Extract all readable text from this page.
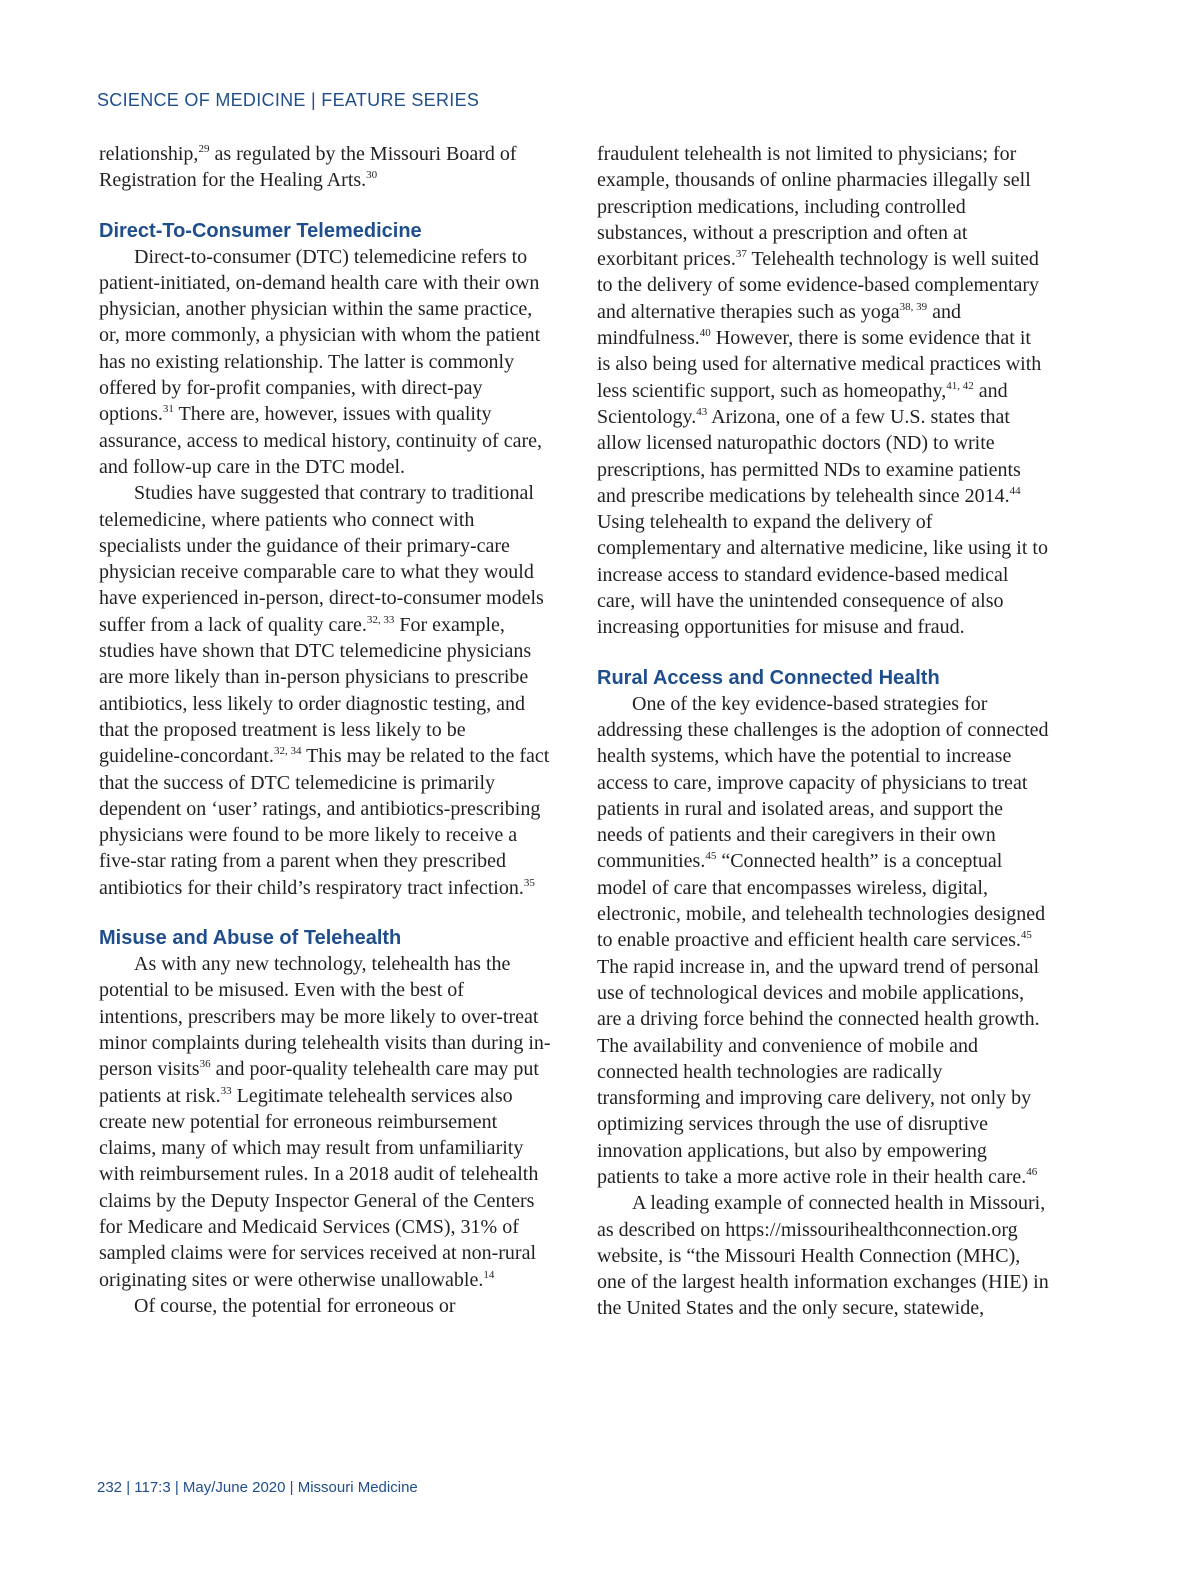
SCIENCE OF MEDICINE | FEATURE SERIES

relationship,$^{29}$ as regulated by the Missouri Board of Registration for the Healing Arts.$^{30}$

Direct-To-Consumer Telemedicine

Direct-to-consumer (DTC) telemedicine refers to patient-initiated, on-demand health care with their own physician, another physician within the same practice, or, more commonly, a physician with whom the patient has no existing relationship. The latter is commonly offered by for-profit companies, with direct-pay options.$^{31}$ There are, however, issues with quality assurance, access to medical history, continuity of care, and follow-up care in the DTC model.

Studies have suggested that contrary to traditional telemedicine, where patients who connect with specialists under the guidance of their primary-care physician receive comparable care to what they would have experienced in-person, direct-to-consumer models suffer from a lack of quality care.$^{32, 33}$ For example, studies have shown that DTC telemedicine physicians are more likely than in-person physicians to prescribe antibiotics, less likely to order diagnostic testing, and that the proposed treatment is less likely to be guideline-concordant.$^{32, 34}$ This may be related to the fact that the success of DTC telemedicine is primarily dependent on ‘user’ ratings, and antibiotics-prescribing physicians were found to be more likely to receive a five-star rating from a parent when they prescribed antibiotics for their child’s respiratory tract infection.$^{35}$

Misuse and Abuse of Telehealth

As with any new technology, telehealth has the potential to be misused. Even with the best of intentions, prescribers may be more likely to over-treat minor complaints during telehealth visits than during in-person visits$^{36}$ and poor-quality telehealth care may put patients at risk.$^{33}$ Legitimate telehealth services also create new potential for erroneous reimbursement claims, many of which may result from unfamiliarity with reimbursement rules. In a 2018 audit of telehealth claims by the Deputy Inspector General of the Centers for Medicare and Medicaid Services (CMS), 31% of sampled claims were for services received at non-rural originating sites or were otherwise unallowable.$^{14}$

Of course, the potential for erroneous or

fraudulent telehealth is not limited to physicians; for example, thousands of online pharmacies illegally sell prescription medications, including controlled substances, without a prescription and often at exorbitant prices.$^{37}$ Telehealth technology is well suited to the delivery of some evidence-based complementary and alternative therapies such as yoga$^{38, 39}$ and mindfulness.$^{40}$ However, there is some evidence that it is also being used for alternative medical practices with less scientific support, such as homeopathy,$^{41, 42}$ and Scientology.$^{43}$ Arizona, one of a few U.S. states that allow licensed naturopathic doctors (ND) to write prescriptions, has permitted NDs to examine patients and prescribe medications by telehealth since 2014.44 Using telehealth to expand the delivery of complementary and alternative medicine, like using it to increase access to standard evidence-based medical care, will have the unintended consequence of also increasing opportunities for misuse and fraud.

Rural Access and Connected Health

One of the key evidence-based strategies for addressing these challenges is the adoption of connected health systems, which have the potential to increase access to care, improve capacity of physicians to treat patients in rural and isolated areas, and support the needs of patients and their caregivers in their own communities.$^{45}$ “Connected health” is a conceptual model of care that encompasses wireless, digital, electronic, mobile, and telehealth technologies designed to enable proactive and efficient health care services.$^{45}$ The rapid increase in, and the upward trend of personal use of technological devices and mobile applications, are a driving force behind the connected health growth. The availability and convenience of mobile and connected health technologies are radically transforming and improving care delivery, not only by optimizing services through the use of disruptive innovation applications, but also by empowering patients to take a more active role in their health care.$^{46}$

A leading example of connected health in Missouri, as described on https://missourihealthconnection.org website, is “the Missouri Health Connection (MHC), one of the largest health information exchanges (HIE) in the United States and the only secure, statewide,

232 | 117:3 | May/June 2020 | Missouri Medicine
